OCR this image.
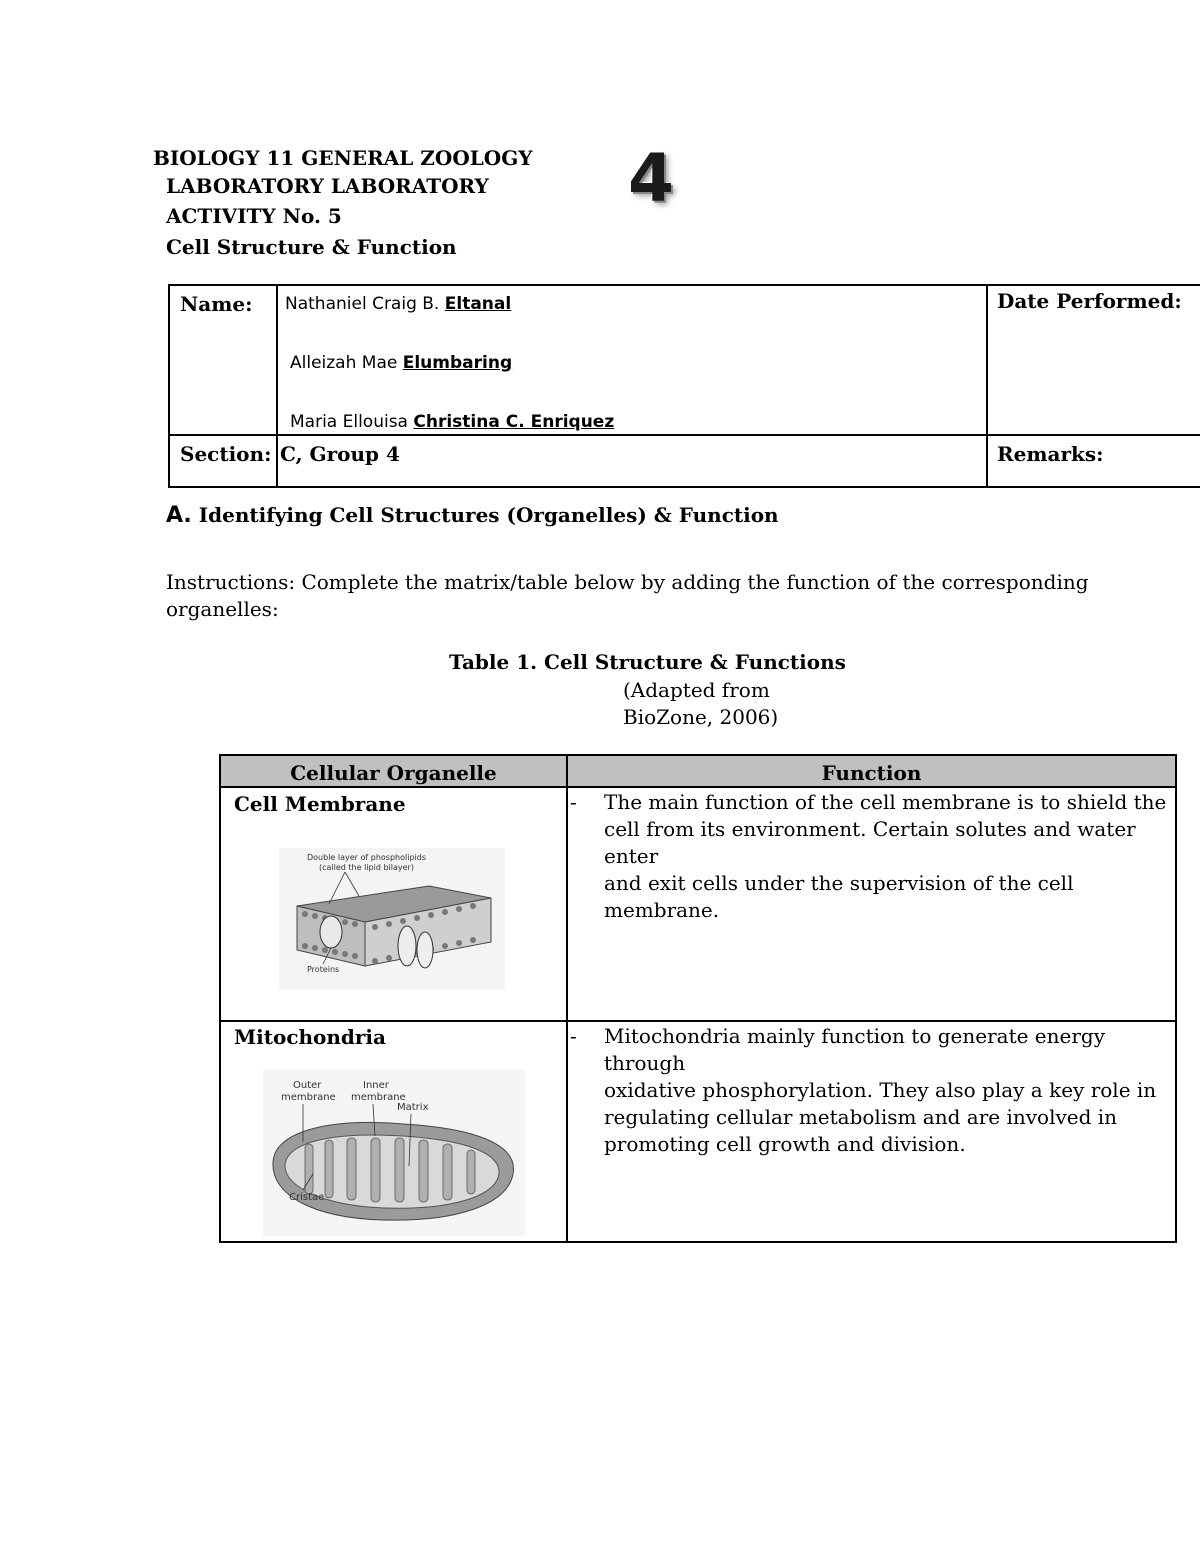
BIOLOGY 11 GENERAL ZOOLOGY
LABORATORY LABORATORY
ACTIVITY No. 5
Cell Structure & Function
4
Name: Nathaniel Craig B. Eltanal
Alleizah Mae Elumbaring
Maria Ellouisa Christina C. Enriquez
Date Performed:
Section: C, Group 4	Remarks:
A. Identifying Cell Structures (Organelles) & Function
Instructions: Complete the matrix/table below by adding the function of the corresponding
organelles:
Table 1. Cell Structure & Functions
(Adapted from
BioZone, 2006)
Cellular Organelle	Function
Cell Membrane	- The main function of the cell membrane is to shield the
cell from its environment. Certain solutes and water enter
and exit cells under the supervision of the cell membrane.
Double layer of phospholipids
(called the lipid bilayer)
Proteins
Mitochondria	- Mitochondria mainly function to generate energy through
oxidative phosphorylation. They also play a key role in
regulating cellular metabolism and are involved in
promoting cell growth and division.
Outer
membrane
Inner
membrane
Matrix
Cristae
